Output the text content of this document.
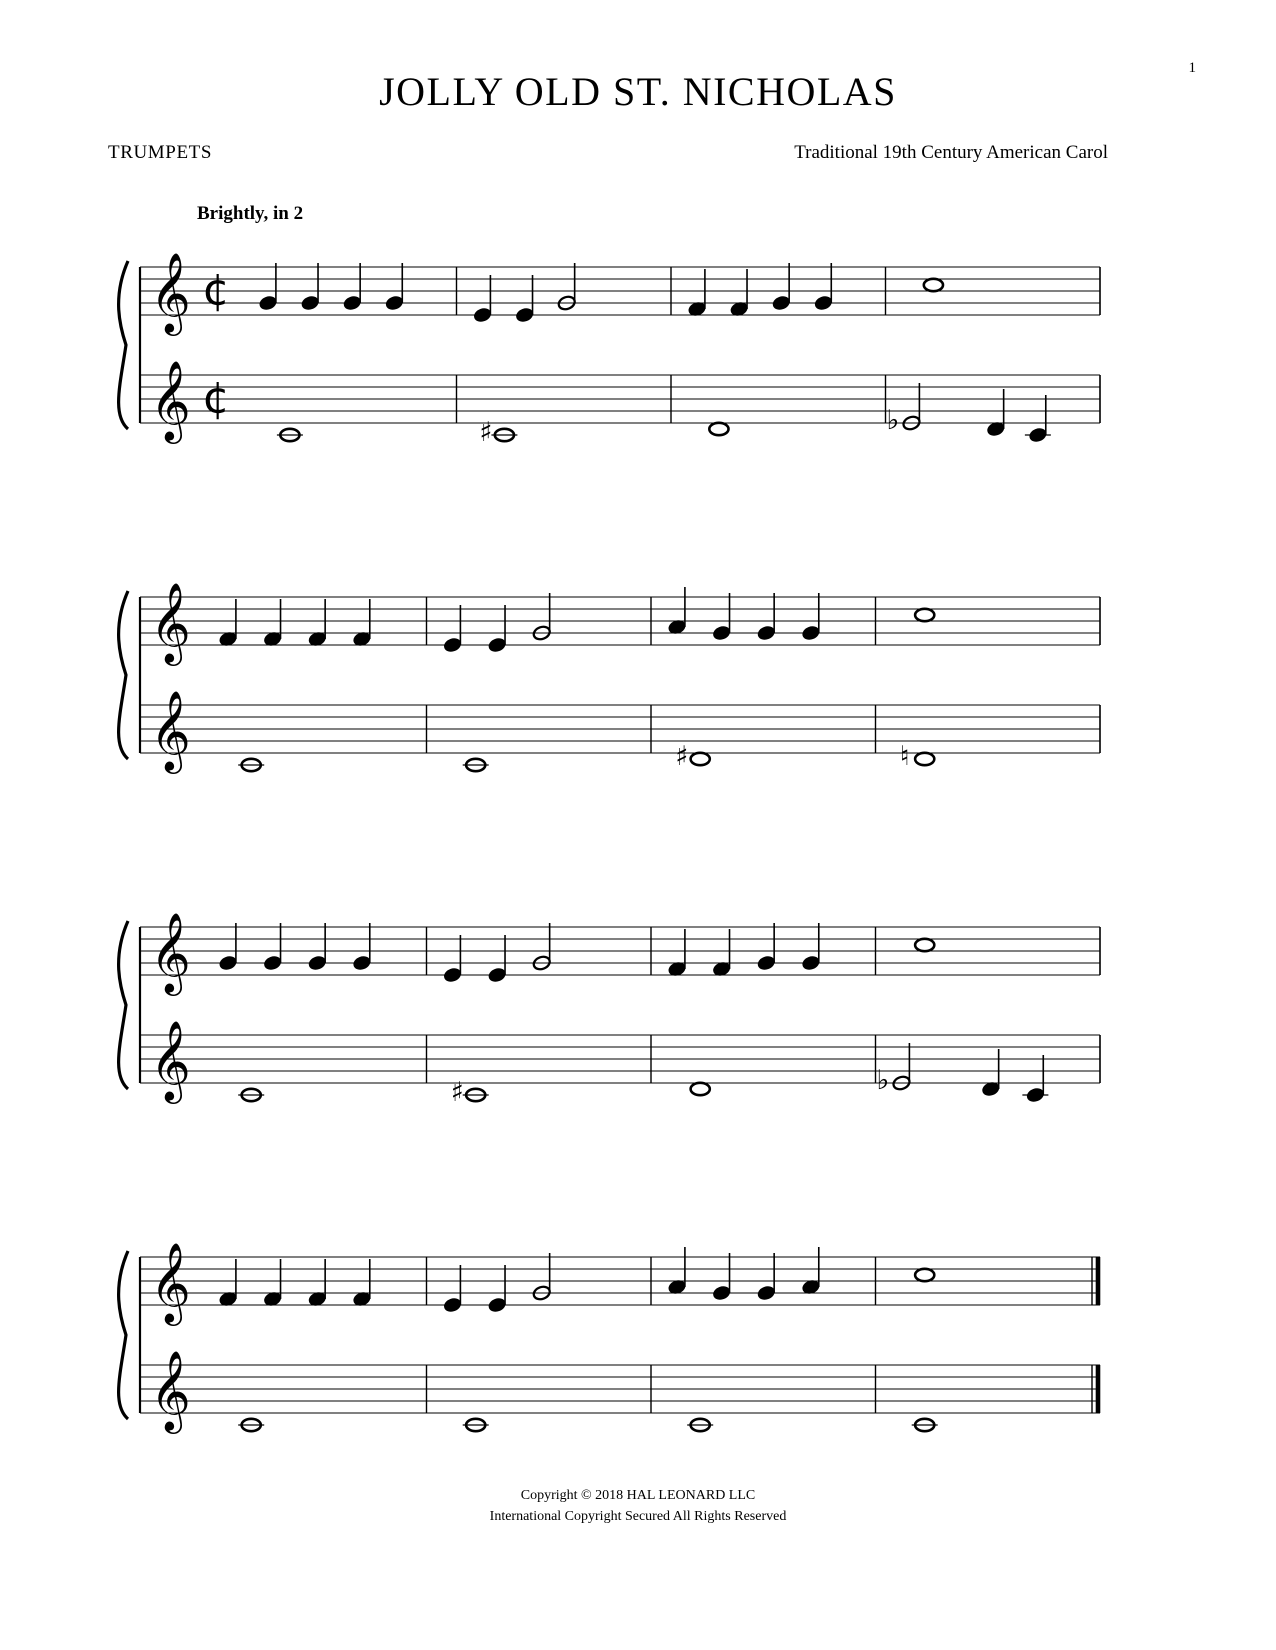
1
JOLLY OLD ST. NICHOLAS
TRUMPETS	Traditional 19th Century American Carol
Brightly, in 2
𝄞
𝄞
¢
¢
♯	♭
𝄞
𝄞	♯	♮
𝄞
𝄞	♯	♭
𝄞
𝄞
Copyright © 2018 HAL LEONARD LLC
International Copyright Secured All Rights Reserved
